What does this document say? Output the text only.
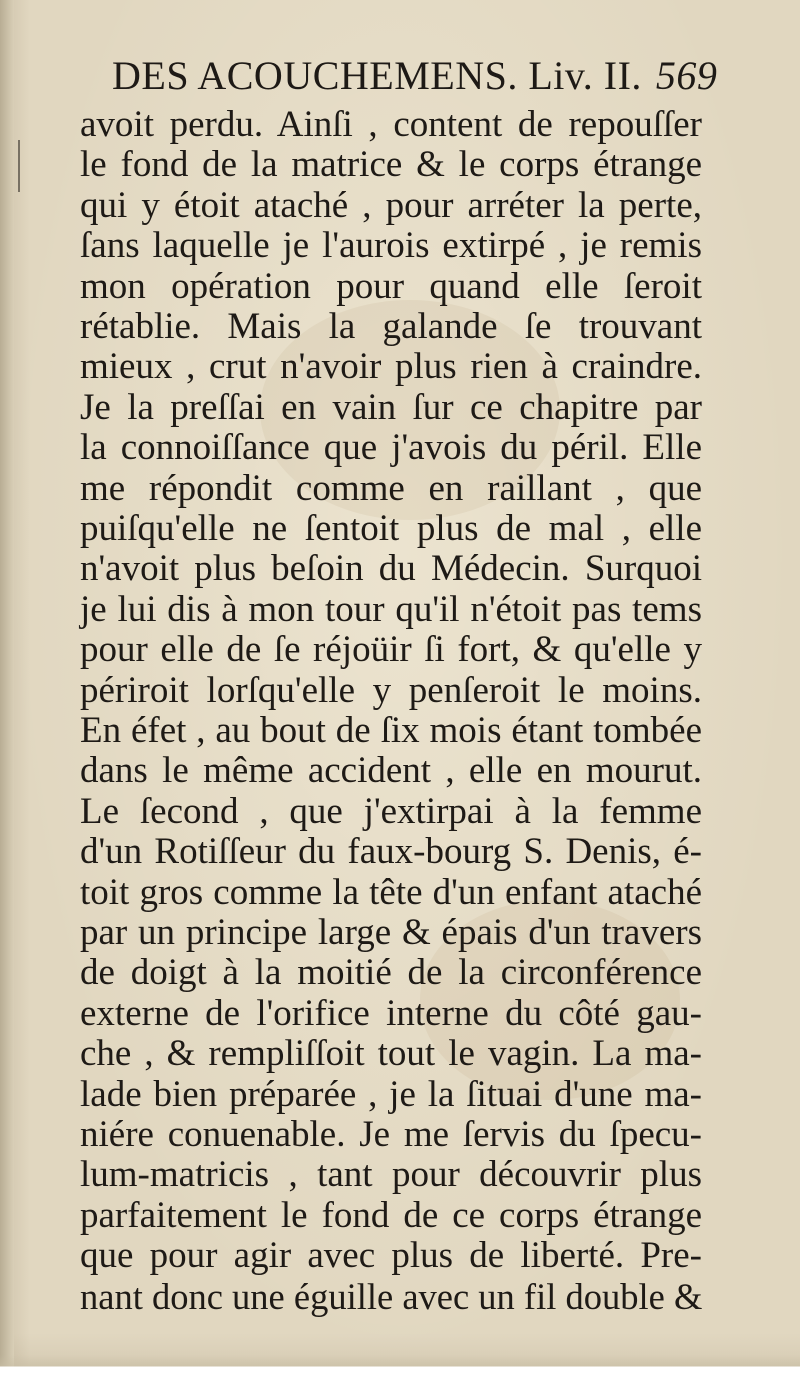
DES ACOUCHEMENS. Liv. II. 569
avoit perdu. Ainſi , content de repouſſer
le fond de la matrice & le corps étrange
qui y étoit ataché , pour arréter la perte,
ſans laquelle je l'aurois extirpé , je remis
mon opération pour quand elle ſeroit
rétablie. Mais la galande ſe trouvant
mieux , crut n'avoir plus rien à craindre.
Je la preſſai en vain ſur ce chapitre par
la connoiſſance que j'avois du péril. Elle
me répondit comme en raillant , que
puiſqu'elle ne ſentoit plus de mal , elle
n'avoit plus beſoin du Médecin. Surquoi
je lui dis à mon tour qu'il n'étoit pas tems
pour elle de ſe réjoüir ſi fort, & qu'elle y
périroit lorſqu'elle y penſeroit le moins.
En éfet , au bout de ſix mois étant tombée
dans le même accident , elle en mourut.
Le ſecond , que j'extirpai à la femme
d'un Rotiſſeur du faux-bourg S. Denis, é-
toit gros comme la tête d'un enfant ataché
par un principe large & épais d'un travers
de doigt à la moitié de la circonférence
externe de l'orifice interne du côté gau-
che , & rempliſſoit tout le vagin. La ma-
lade bien préparée , je la ſituai d'une ma-
niére conuenable. Je me ſervis du ſpecu-
lum-matricis , tant pour découvrir plus
parfaitement le fond de ce corps étrange
que pour agir avec plus de liberté. Pre-
nant donc une éguille avec un fil double &
